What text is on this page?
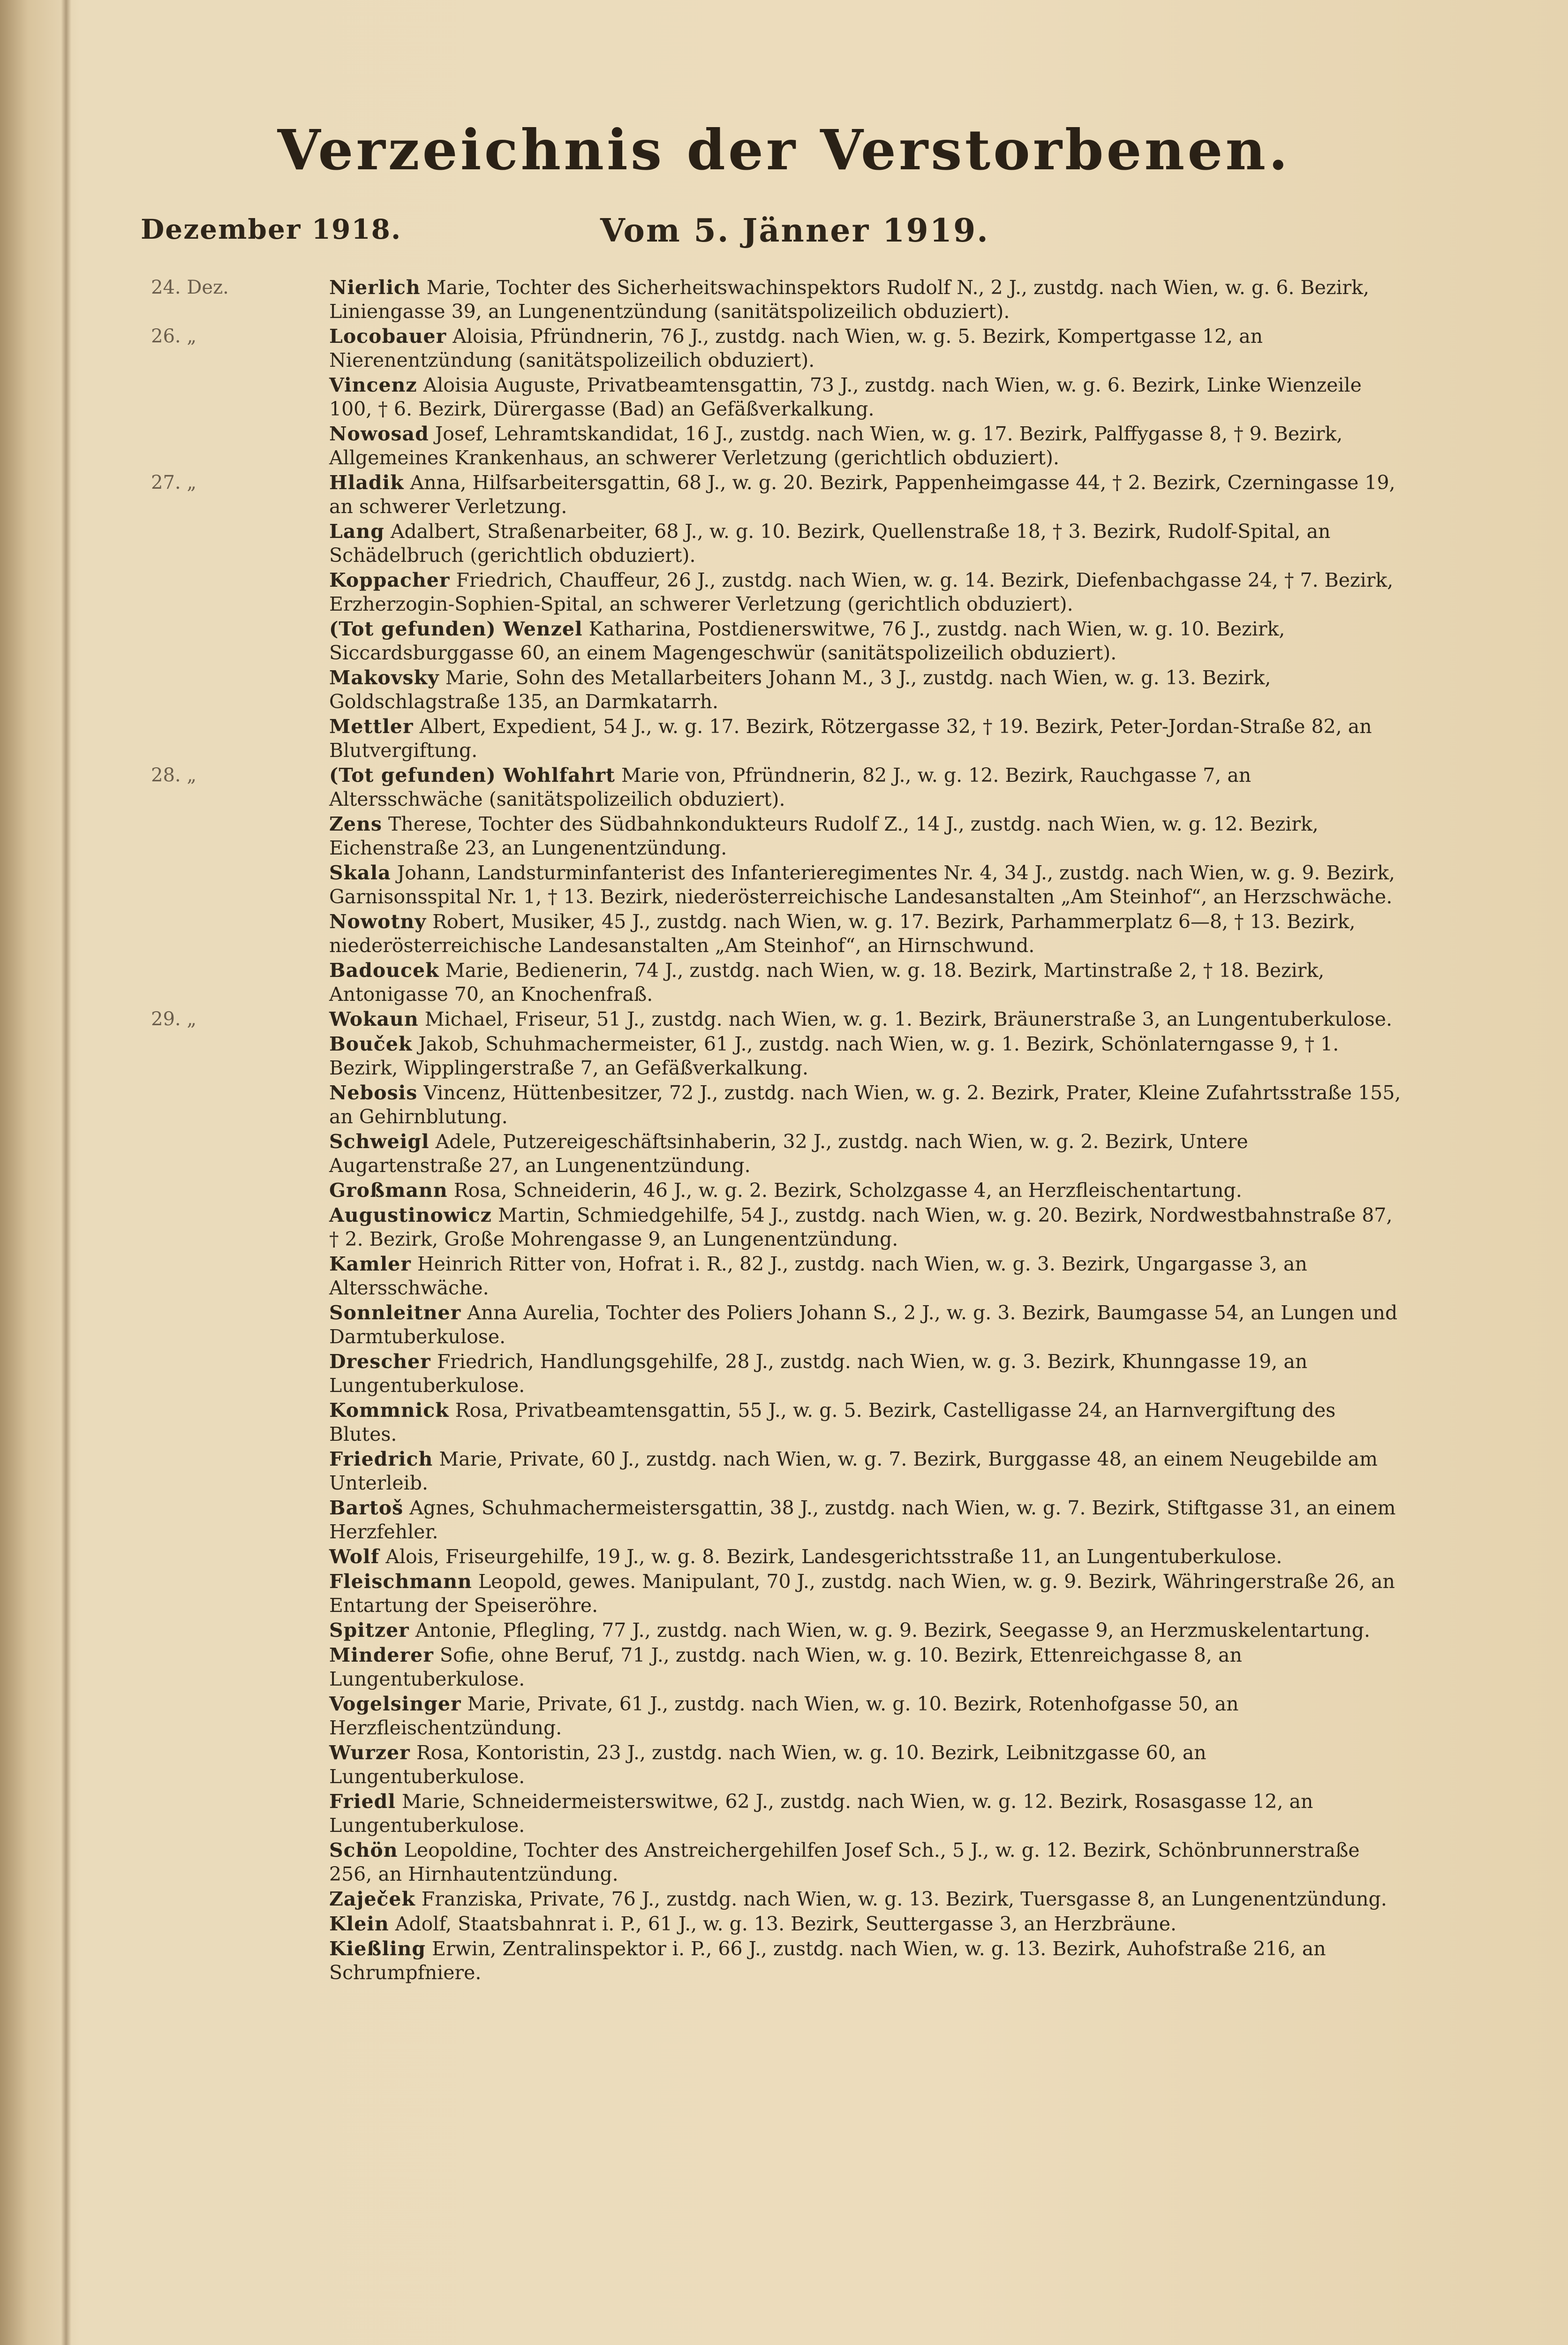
Verzeichnis der Verstorbenen.
Dezember 1918.	Vom 5. Jänner 1919.
24. Dez.	Nierlich Marie, Tochter des Sicherheitswachinspektors Rudolf N., 2 J., zustdg. nach Wien, w. g. 6. Bezirk, Liniengasse 39, an Lungenentzündung (sanitätspolizeilich obduziert).
26. „	Locobauer Aloisia, Pfründnerin, 76 J., zustdg. nach Wien, w. g. 5. Bezirk, Kompertgasse 12, an Nierenentzündung (sanitätspolizeilich obduziert).
Vincenz Aloisia Auguste, Privatbeamtensgattin, 73 J., zustdg. nach Wien, w. g. 6. Bezirk, Linke Wienzeile 100, † 6. Bezirk, Dürergasse (Bad) an Gefäßverkalkung.
Nowosad Josef, Lehramtskandidat, 16 J., zustdg. nach Wien, w. g. 17. Bezirk, Palffygasse 8, † 9. Bezirk, Allgemeines Krankenhaus, an schwerer Verletzung (gerichtlich obduziert).
27. „	Hladik Anna, Hilfsarbeitersgattin, 68 J., w. g. 20. Bezirk, Pappenheimgasse 44, † 2. Bezirk, Czerningasse 19, an schwerer Verletzung.
Lang Adalbert, Straßenarbeiter, 68 J., w. g. 10. Bezirk, Quellenstraße 18, † 3. Bezirk, Rudolf-Spital, an Schädelbruch (gerichtlich obduziert).
Koppacher Friedrich, Chauffeur, 26 J., zustdg. nach Wien, w. g. 14. Bezirk, Diefenbachgasse 24, † 7. Bezirk, Erzherzogin-Sophien-Spital, an schwerer Verletzung (gerichtlich obduziert).
(Tot gefunden) Wenzel Katharina, Postdienerswitwe, 76 J., zustdg. nach Wien, w. g. 10. Bezirk, Siccardsburggasse 60, an einem Magengeschwür (sanitätspolizeilich obduziert).
Makovsky Marie, Sohn des Metallarbeiters Johann M., 3 J., zustdg. nach Wien, w. g. 13. Bezirk, Goldschlagstraße 135, an Darmkatarrh.
Mettler Albert, Expedient, 54 J., w. g. 17. Bezirk, Rötzergasse 32, † 19. Bezirk, Peter-Jordan-Straße 82, an Blutvergiftung.
28. „	(Tot gefunden) Wohlfahrt Marie von, Pfründnerin, 82 J., w. g. 12. Bezirk, Rauchgasse 7, an Altersschwäche (sanitätspolizeilich obduziert).
Zens Therese, Tochter des Südbahnkondukteurs Rudolf Z., 14 J., zustdg. nach Wien, w. g. 12. Bezirk, Eichenstraße 23, an Lungenentzündung.
Skala Johann, Landsturminfanterist des Infanterieregimentes Nr. 4, 34 J., zustdg. nach Wien, w. g. 9. Bezirk, Garnisonsspital Nr. 1, † 13. Bezirk, niederösterreichische Landesanstalten „Am Steinhof“, an Herzschwäche.
Nowotny Robert, Musiker, 45 J., zustdg. nach Wien, w. g. 17. Bezirk, Parhammerplatz 6—8, † 13. Bezirk, niederösterreichische Landesanstalten „Am Steinhof“, an Hirnschwund.
Badoucek Marie, Bedienerin, 74 J., zustdg. nach Wien, w. g. 18. Bezirk, Martinstraße 2, † 18. Bezirk, Antonigasse 70, an Knochenfraß.
29. „	Wokaun Michael, Friseur, 51 J., zustdg. nach Wien, w. g. 1. Bezirk, Bräunerstraße 3, an Lungentuberkulose.
Bouček Jakob, Schuhmachermeister, 61 J., zustdg. nach Wien, w. g. 1. Bezirk, Schönlaterngasse 9, † 1. Bezirk, Wipplingerstraße 7, an Gefäßverkalkung.
Nebosis Vincenz, Hüttenbesitzer, 72 J., zustdg. nach Wien, w. g. 2. Bezirk, Prater, Kleine Zufahrtsstraße 155, an Gehirnblutung.
Schweigl Adele, Putzereigeschäftsinhaberin, 32 J., zustdg. nach Wien, w. g. 2. Bezirk, Untere Augartenstraße 27, an Lungenentzündung.
Großmann Rosa, Schneiderin, 46 J., w. g. 2. Bezirk, Scholzgasse 4, an Herzfleischentartung.
Augustinowicz Martin, Schmiedgehilfe, 54 J., zustdg. nach Wien, w. g. 20. Bezirk, Nordwestbahnstraße 87, † 2. Bezirk, Große Mohrengasse 9, an Lungenentzündung.
Kamler Heinrich Ritter von, Hofrat i. R., 82 J., zustdg. nach Wien, w. g. 3. Bezirk, Ungargasse 3, an Altersschwäche.
Sonnleitner Anna Aurelia, Tochter des Poliers Johann S., 2 J., w. g. 3. Bezirk, Baumgasse 54, an Lungen und Darmtuberkulose.
Drescher Friedrich, Handlungsgehilfe, 28 J., zustdg. nach Wien, w. g. 3. Bezirk, Khunngasse 19, an Lungentuberkulose.
Kommnick Rosa, Privatbeamtensgattin, 55 J., w. g. 5. Bezirk, Castelligasse 24, an Harnvergiftung des Blutes.
Friedrich Marie, Private, 60 J., zustdg. nach Wien, w. g. 7. Bezirk, Burggasse 48, an einem Neugebilde am Unterleib.
Bartoš Agnes, Schuhmachermeistersgattin, 38 J., zustdg. nach Wien, w. g. 7. Bezirk, Stiftgasse 31, an einem Herzfehler.
Wolf Alois, Friseurgehilfe, 19 J., w. g. 8. Bezirk, Landesgerichtsstraße 11, an Lungentuberkulose.
Fleischmann Leopold, gewes. Manipulant, 70 J., zustdg. nach Wien, w. g. 9. Bezirk, Währingerstraße 26, an Entartung der Speiseröhre.
Spitzer Antonie, Pflegling, 77 J., zustdg. nach Wien, w. g. 9. Bezirk, Seegasse 9, an Herzmuskelentartung.
Minderer Sofie, ohne Beruf, 71 J., zustdg. nach Wien, w. g. 10. Bezirk, Ettenreichgasse 8, an Lungentuberkulose.
Vogelsinger Marie, Private, 61 J., zustdg. nach Wien, w. g. 10. Bezirk, Rotenhofgasse 50, an Herzfleischentzündung.
Wurzer Rosa, Kontoristin, 23 J., zustdg. nach Wien, w. g. 10. Bezirk, Leibnitzgasse 60, an Lungentuberkulose.
Friedl Marie, Schneidermeisterswitwe, 62 J., zustdg. nach Wien, w. g. 12. Bezirk, Rosasgasse 12, an Lungentuberkulose.
Schön Leopoldine, Tochter des Anstreichergehilfen Josef Sch., 5 J., w. g. 12. Bezirk, Schönbrunnerstraße 256, an Hirnhautentzündung.
Zaječek Franziska, Private, 76 J., zustdg. nach Wien, w. g. 13. Bezirk, Tuersgasse 8, an Lungenentzündung.
Klein Adolf, Staatsbahnrat i. P., 61 J., w. g. 13. Bezirk, Seuttergasse 3, an Herzbräune.
Kießling Erwin, Zentralinspektor i. P., 66 J., zustdg. nach Wien, w. g. 13. Bezirk, Auhofstraße 216, an Schrumpfniere.
